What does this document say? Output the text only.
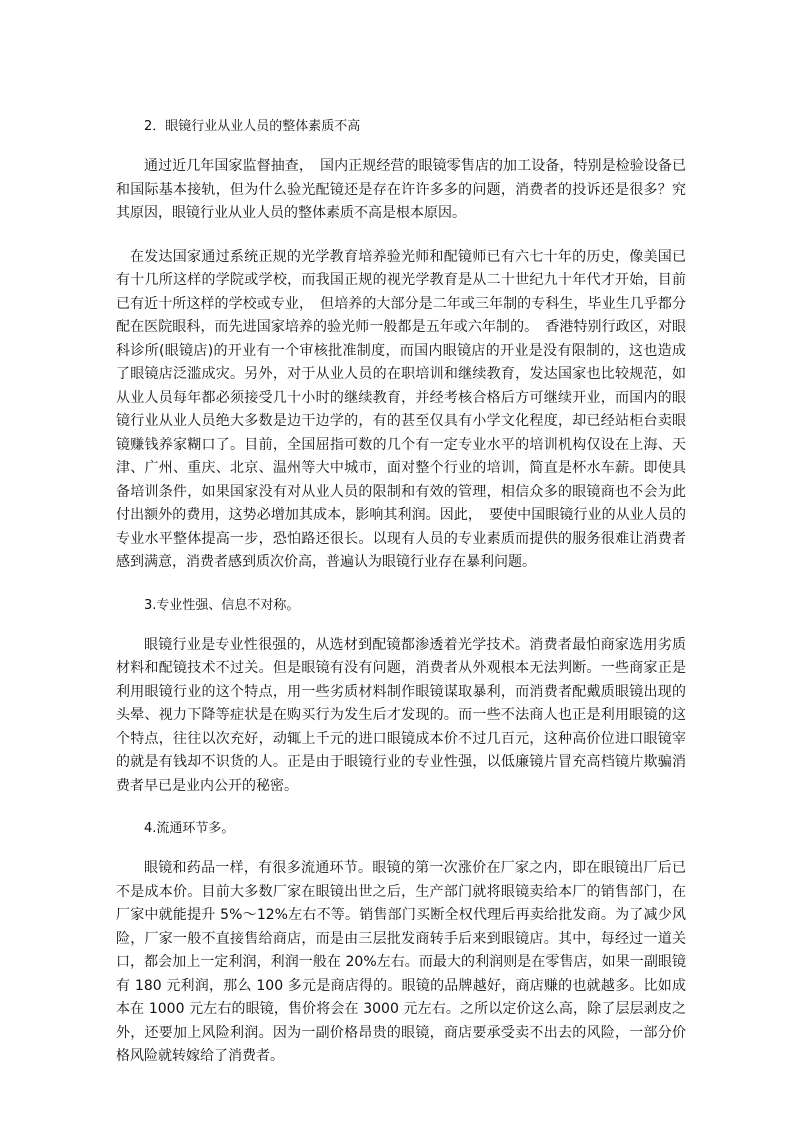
2．眼镜行业从业人员的整体素质不高

通过近几年国家监督抽查，　国内正规经营的眼镜零售店的加工设备，特别是检验设备已和国际基本接轨，但为什么验光配镜还是存在许许多多的问题，消费者的投诉还是很多？究其原因，眼镜行业从业人员的整体素质不高是根本原因。

在发达国家通过系统正规的光学教育培养验光师和配镜师已有六七十年的历史，像美国已有十几所这样的学院或学校，而我国正规的视光学教育是从二十世纪九十年代才开始，目前已有近十所这样的学校或专业，　但培养的大部分是二年或三年制的专科生，毕业生几乎都分配在医院眼科，而先进国家培养的验光师一般都是五年或六年制的。　香港特别行政区，对眼科诊所(眼镜店)的开业有一个审核批准制度，而国内眼镜店的开业是没有限制的，这也造成了眼镜店泛滥成灾。另外，对于从业人员的在职培训和继续教育，发达国家也比较规范，如从业人员每年都必须接受几十小时的继续教育，并经考核合格后方可继续开业，而国内的眼镜行业从业人员绝大多数是边干边学的，有的甚至仅具有小学文化程度，却已经站柜台卖眼镜赚钱养家糊口了。目前，全国屈指可数的几个有一定专业水平的培训机构仅设在上海、天津、广州、重庆、北京、温州等大中城市，面对整个行业的培训，简直是杯水车薪。即使具备培训条件，如果国家没有对从业人员的限制和有效的管理，相信众多的眼镜商也不会为此付出额外的费用，这势必增加其成本，影响其利润。因此，　要使中国眼镜行业的从业人员的专业水平整体提高一步，恐怕路还很长。以现有人员的专业素质而提供的服务很难让消费者感到满意，消费者感到质次价高，普遍认为眼镜行业存在暴利问题。

3.专业性强、信息不对称。

眼镜行业是专业性很强的，从选材到配镜都渗透着光学技术。消费者最怕商家选用劣质材料和配镜技术不过关。但是眼镜有没有问题，消费者从外观根本无法判断。一些商家正是利用眼镜行业的这个特点，用一些劣质材料制作眼镜谋取暴利，而消费者配戴质眼镜出现的头晕、视力下降等症状是在购买行为发生后才发现的。而一些不法商人也正是利用眼镜的这个特点，往往以次充好，动辄上千元的进口眼镜成本价不过几百元，这种高价位进口眼镜宰的就是有钱却不识货的人。正是由于眼镜行业的专业性强，以低廉镜片冒充高档镜片欺骗消费者早已是业内公开的秘密。

4.流通环节多。

眼镜和药品一样，有很多流通环节。眼镜的第一次涨价在厂家之内，即在眼镜出厂后已不是成本价。目前大多数厂家在眼镜出世之后，生产部门就将眼镜卖给本厂的销售部门，在厂家中就能提升 5%～12%左右不等。销售部门买断全权代理后再卖给批发商。为了减少风险，厂家一般不直接售给商店，而是由三层批发商转手后来到眼镜店。其中，每经过一道关口，都会加上一定利润，利润一般在 20%左右。而最大的利润则是在零售店，如果一副眼镜有 180 元利润，那么 100 多元是商店得的。眼镜的品牌越好，商店赚的也就越多。比如成本在 1000 元左右的眼镜，售价将会在 3000 元左右。之所以定价这么高，除了层层剥皮之外，还要加上风险利润。因为一副价格昂贵的眼镜，商店要承受卖不出去的风险，一部分价格风险就转嫁给了消费者。
